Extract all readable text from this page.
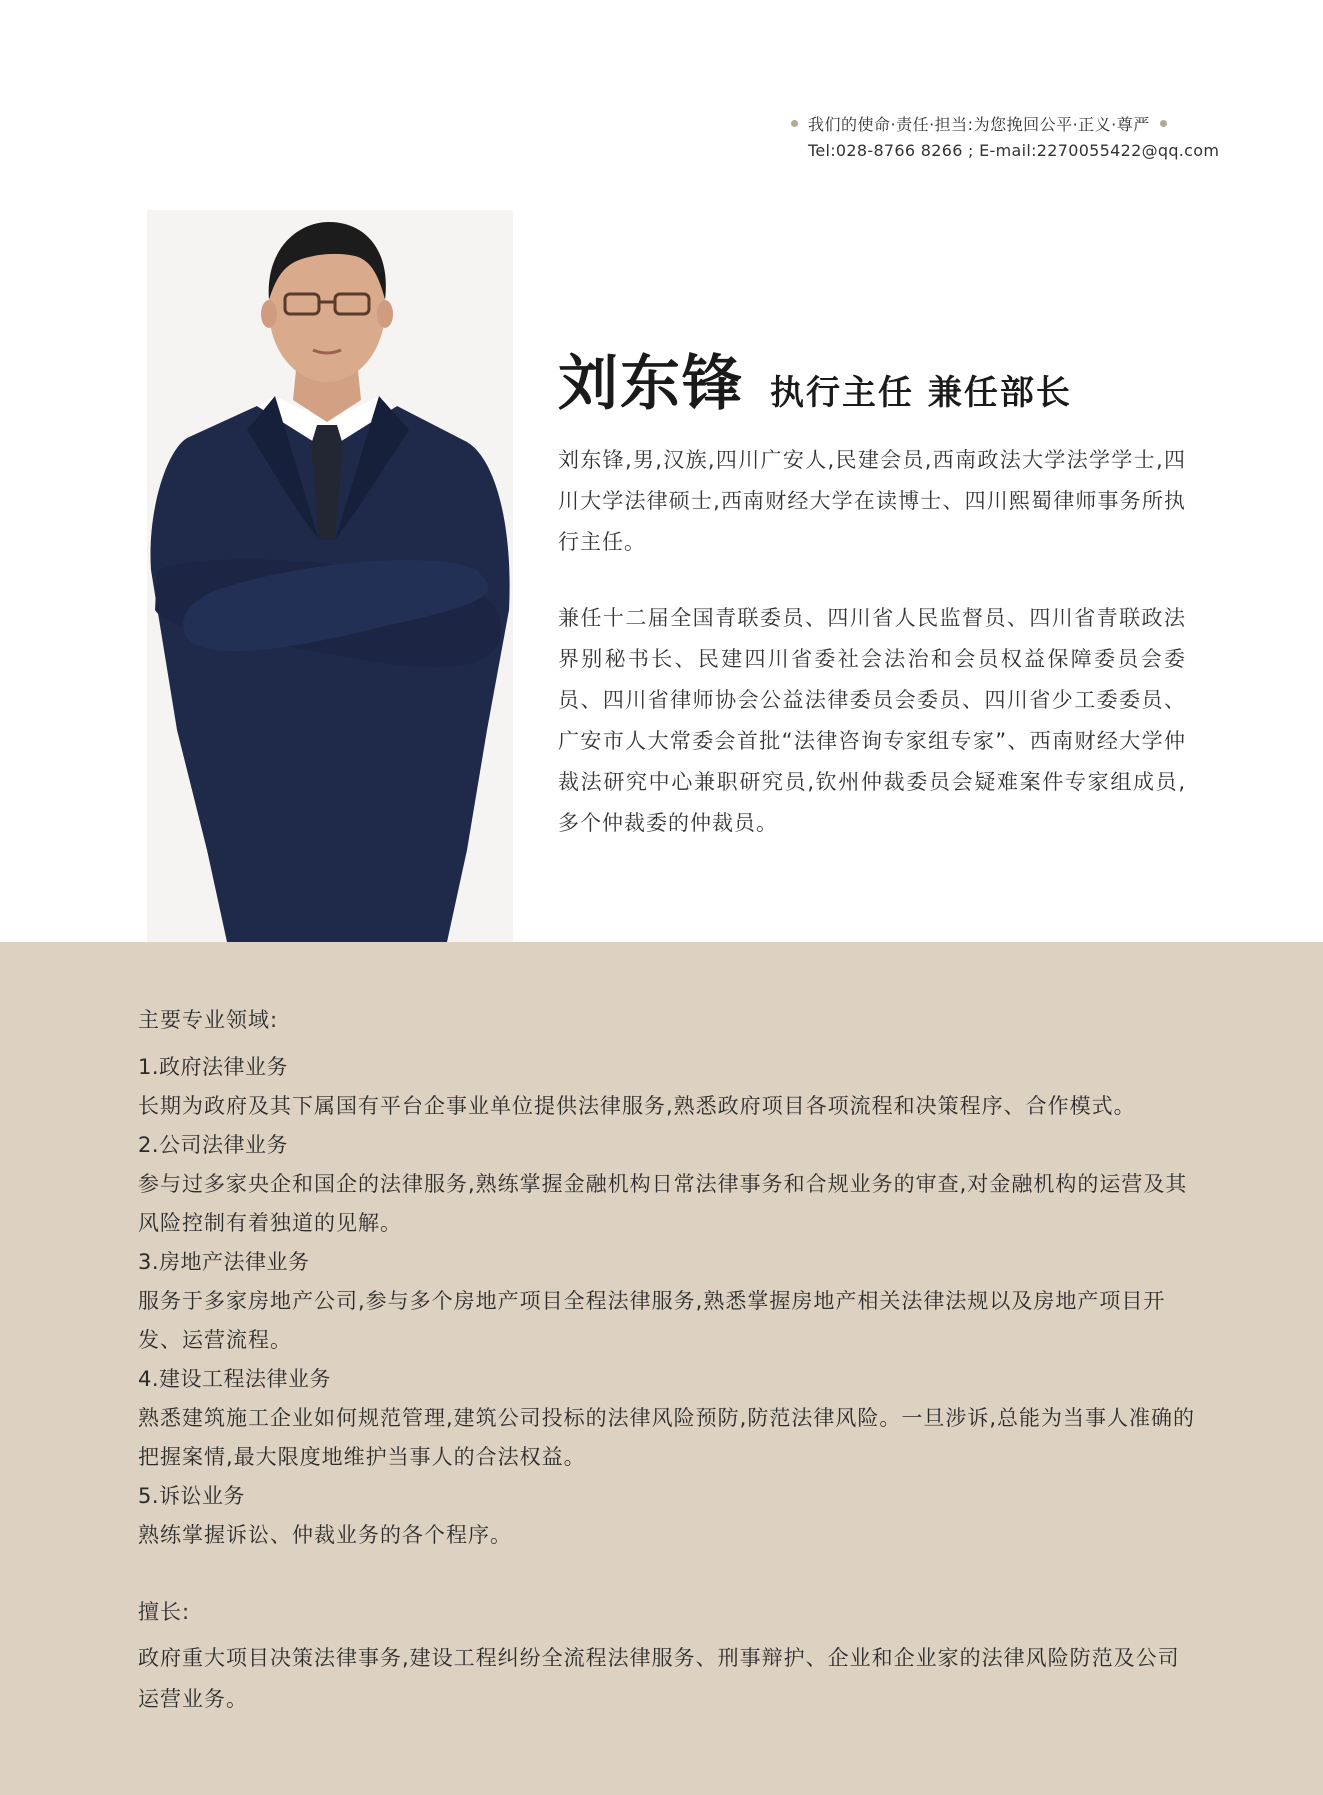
我们的使命·责任·担当:为您挽回公平·正义·尊严
Tel:028-8766 8266 ; E-mail:2270055422@qq.com
刘东锋 执行主任 兼任部长
刘东锋,男,汉族,四川广安人,民建会员,西南政法大学法学学士,四川大学法律硕士,西南财经大学在读博士、四川熙蜀律师事务所执行主任。
兼任十二届全国青联委员、四川省人民监督员、四川省青联政法界别秘书长、民建四川省委社会法治和会员权益保障委员会委员、四川省律师协会公益法律委员会委员、四川省少工委委员、广安市人大常委会首批“法律咨询专家组专家”、西南财经大学仲裁法研究中心兼职研究员,钦州仲裁委员会疑难案件专家组成员,多个仲裁委的仲裁员。
主要专业领域:
1.政府法律业务
长期为政府及其下属国有平台企事业单位提供法律服务,熟悉政府项目各项流程和决策程序、合作模式。
2.公司法律业务
参与过多家央企和国企的法律服务,熟练掌握金融机构日常法律事务和合规业务的审查,对金融机构的运营及其风险控制有着独道的见解。
3.房地产法律业务
服务于多家房地产公司,参与多个房地产项目全程法律服务,熟悉掌握房地产相关法律法规以及房地产项目开发、运营流程。
4.建设工程法律业务
熟悉建筑施工企业如何规范管理,建筑公司投标的法律风险预防,防范法律风险。一旦涉诉,总能为当事人准确的把握案情,最大限度地维护当事人的合法权益。
5.诉讼业务
熟练掌握诉讼、仲裁业务的各个程序。
擅长:
政府重大项目决策法律事务,建设工程纠纷全流程法律服务、刑事辩护、企业和企业家的法律风险防范及公司运营业务。
